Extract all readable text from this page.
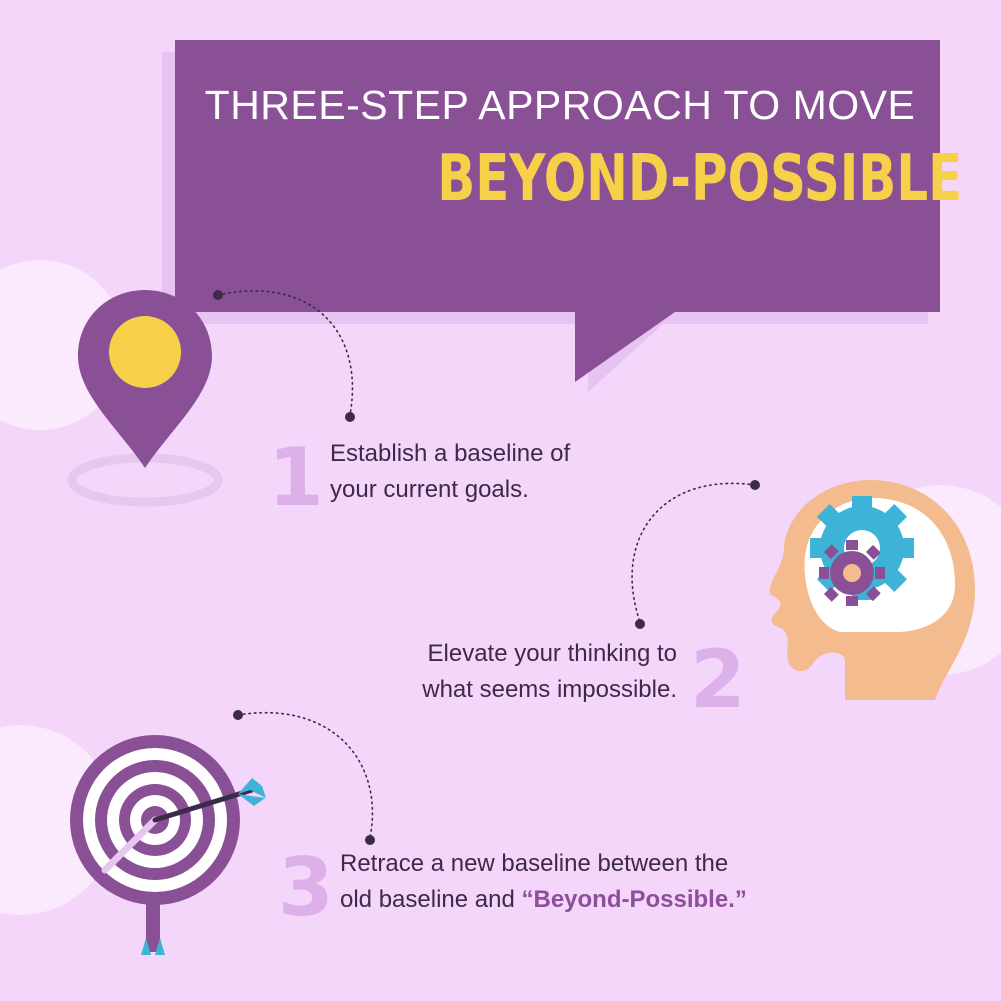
THREE-STEP APPROACH TO MOVE
BEYOND-POSSIBLE
1 Establish a baseline of
your current goals.
Elevate your thinking to
what seems impossible. 2
3 Retrace a new baseline between the
old baseline and “Beyond-Possible.”
